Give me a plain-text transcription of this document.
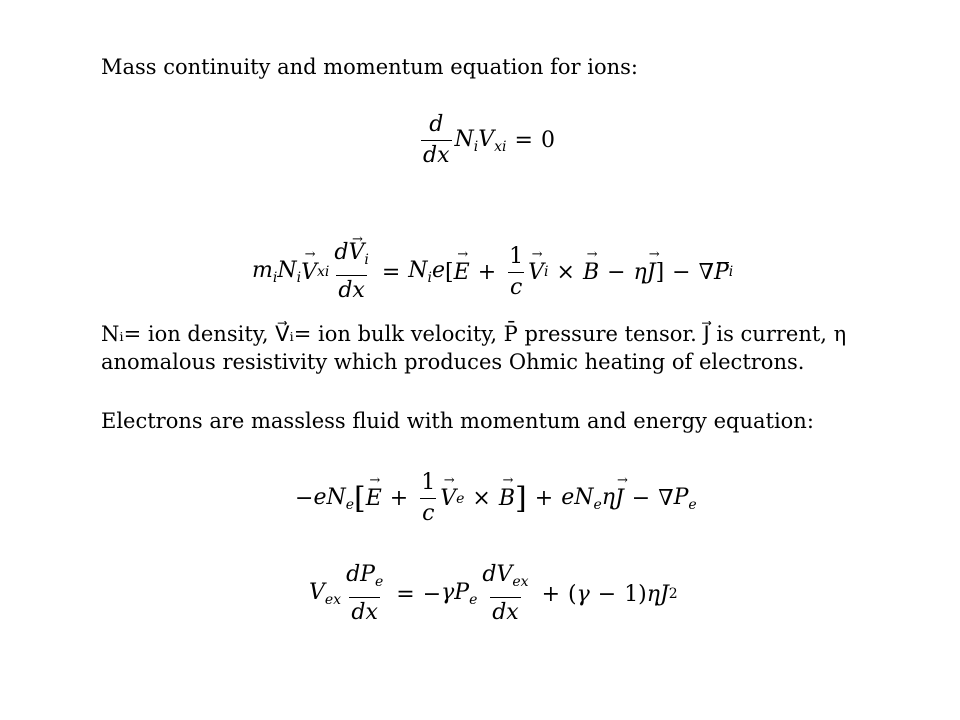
Mass continuity and momentum equation for ions:
$\frac{d}{dx} N_iV_{xi} = 0$
$m_iN_i$
→ V xi $\frac{d\to V_i}{dx} = N_ie$ [
→ $E + \frac{1}{c}$
→ V i ×
→ B − η
→ J ] − ∇ P i
Nᵢ= ion density, V⃗ᵢ= ion bulk velocity, P̄ pressure tensor. J⃗ is current, η
anomalous resistivity which produces Ohmic heating of electrons.
Electrons are massless fluid with momentum and energy equation:
− $eN_e$ [
→ $E + \frac{1}{c}$
→ V e ×
→ B ] + $eN_e\eta$
→ J − ∇ $P_e$
$V_{ex} \frac{dP_e}{dx}$ = − $\gamma P_e \frac{dV_{ex}}{dx}$ + ( γ − 1) ηJ 2
